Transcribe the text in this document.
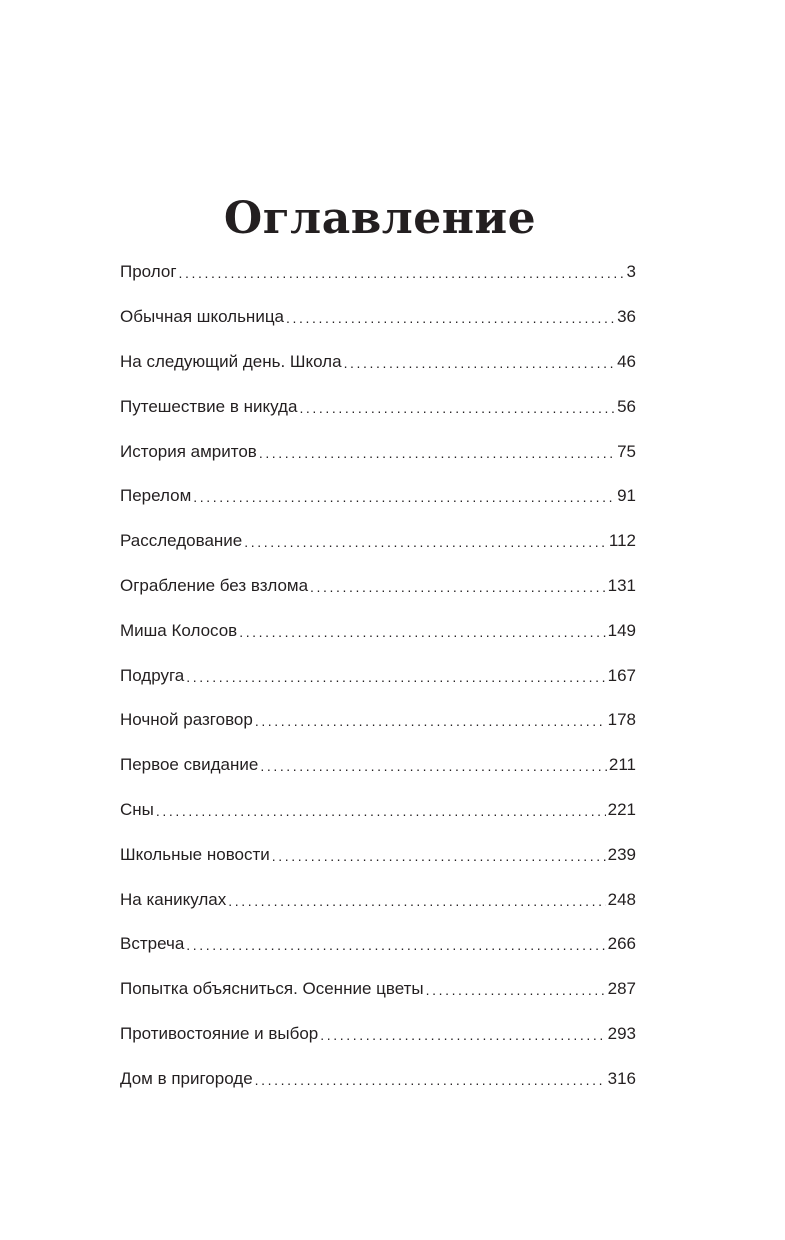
Оглавление
Пролог .....	3
Обычная школьница .....	36
На следующий день. Школа .....	46
Путешествие в никуда .....	56
История амритов .....	75
Перелом .....	91
Расследование .....	112
Ограбление без взлома .....	131
Миша Колосов .....	149
Подруга .....	167
Ночной разговор .....	178
Первое свидание .....	211
Сны .....	221
Школьные новости .....	239
На каникулах .....	248
Встреча .....	266
Попытка объясниться. Осенние цветы .....	287
Противостояние и выбор .....	293
Дом в пригороде .....	316
